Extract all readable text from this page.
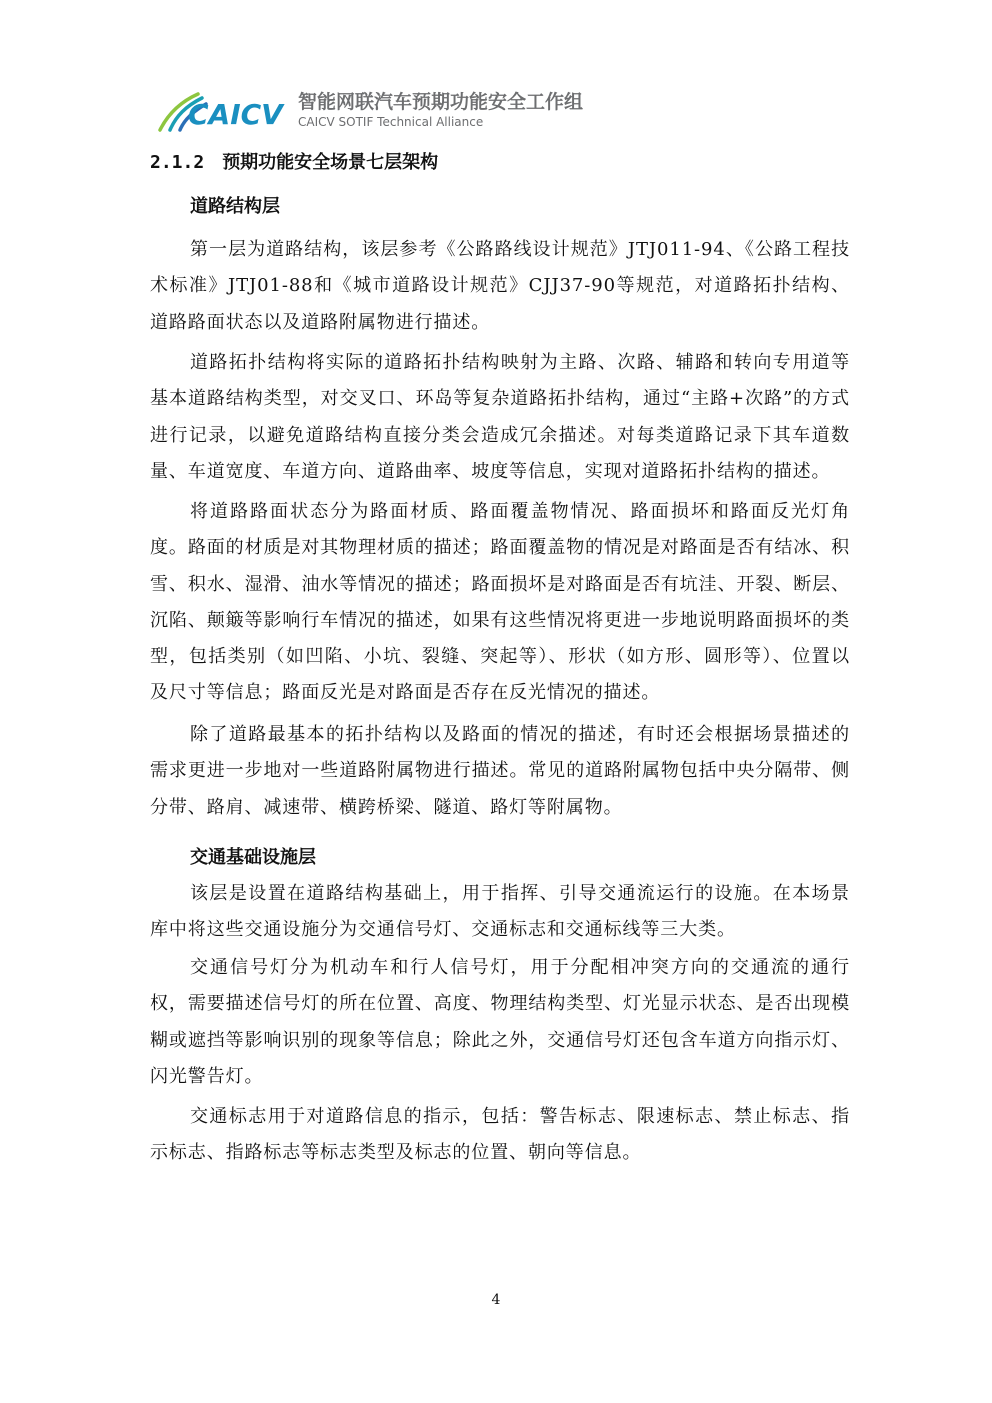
CAICV 智能网联汽车预期功能安全工作组
CAICV SOTIF Technical Alliance
2.1.2 预期功能安全场景七层架构
道路结构层

第一层为道路结构，该层参考《公路路线设计规范》JTJ011-94、《公路工程技术标准》JTJ01-88和《城市道路设计规范》CJJ37-90等规范，对道路拓扑结构、道路路面状态以及道路附属物进行描述。

道路拓扑结构将实际的道路拓扑结构映射为主路、次路、辅路和转向专用道等基本道路结构类型，对交叉口、环岛等复杂道路拓扑结构，通过“主路+次路”的方式进行记录，以避免道路结构直接分类会造成冗余描述。对每类道路记录下其车道数量、车道宽度、车道方向、道路曲率、坡度等信息，实现对道路拓扑结构的描述。

将道路路面状态分为路面材质、路面覆盖物情况、路面损坏和路面反光灯角度。路面的材质是对其物理材质的描述；路面覆盖物的情况是对路面是否有结冰、积雪、积水、湿滑、油水等情况的描述；路面损坏是对路面是否有坑洼、开裂、断层、沉陷、颠簸等影响行车情况的描述，如果有这些情况将更进一步地说明路面损坏的类型，包括类别（如凹陷、小坑、裂缝、突起等）、形状（如方形、圆形等）、位置以及尺寸等信息；路面反光是对路面是否存在反光情况的描述。

除了道路最基本的拓扑结构以及路面的情况的描述，有时还会根据场景描述的需求更进一步地对一些道路附属物进行描述。常见的道路附属物包括中央分隔带、侧分带、路肩、减速带、横跨桥梁、隧道、路灯等附属物。

交通基础设施层

该层是设置在道路结构基础上，用于指挥、引导交通流运行的设施。在本场景库中将这些交通设施分为交通信号灯、交通标志和交通标线等三大类。

交通信号灯分为机动车和行人信号灯，用于分配相冲突方向的交通流的通行权，需要描述信号灯的所在位置、高度、物理结构类型、灯光显示状态、是否出现模糊或遮挡等影响识别的现象等信息；除此之外，交通信号灯还包含车道方向指示灯、闪光警告灯。

交通标志用于对道路信息的指示，包括：警告标志、限速标志、禁止标志、指示标志、指路标志等标志类型及标志的位置、朝向等信息。

4
